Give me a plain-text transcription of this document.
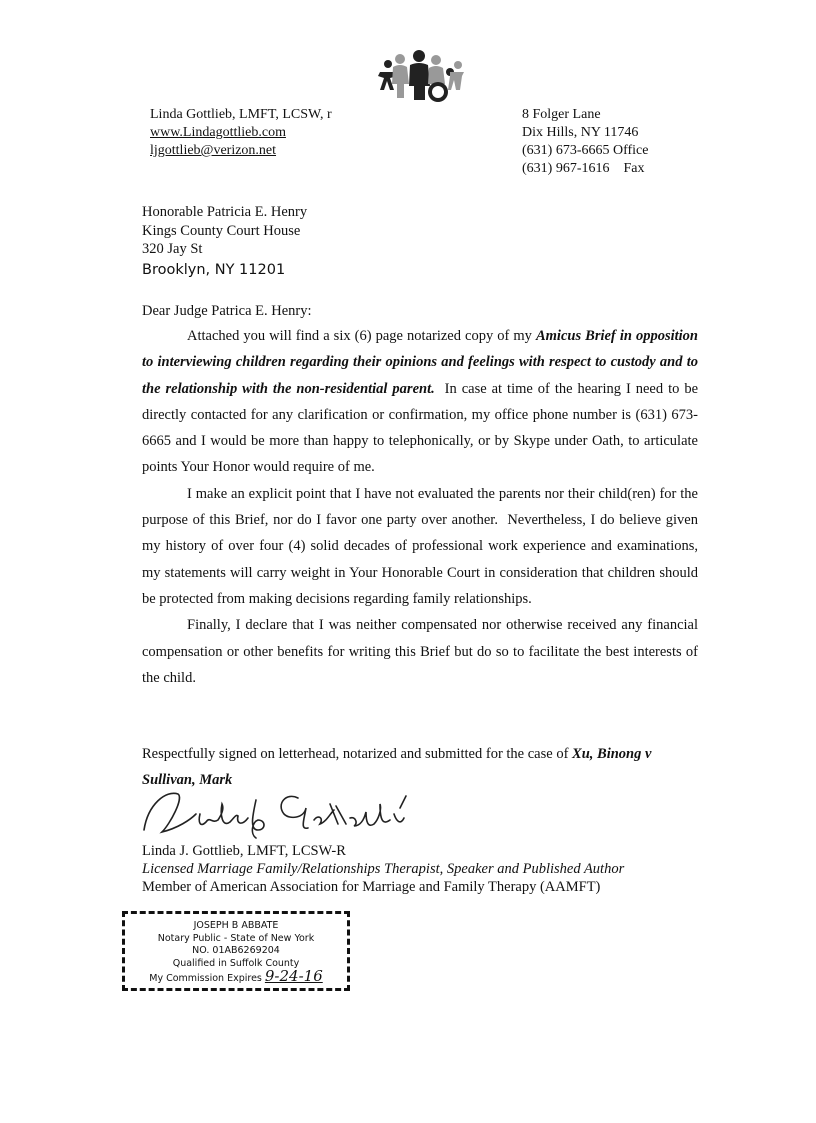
Linda Gottlieb, LMFT, LCSW, r
www.Lindagottlieb.com
ljgottlieb@verizon.net
8 Folger Lane
Dix Hills, NY 11746
(631) 673-6665 Office
(631) 967-1616    Fax
Honorable Patricia E. Henry
Kings County Court House
320 Jay St
Brooklyn, NY 11201
Dear Judge Patrica E. Henry:

Attached you will find a six (6) page notarized copy of my Amicus Brief in opposition to interviewing children regarding their opinions and feelings with respect to custody and to the relationship with the non-residential parent.  In case at time of the hearing I need to be directly contacted for any clarification or confirmation, my office phone number is (631) 673-6665 and I would be more than happy to telephonically, or by Skype under Oath, to articulate points Your Honor would require of me.

I make an explicit point that I have not evaluated the parents nor their child(ren) for the purpose of this Brief, nor do I favor one party over another.  Nevertheless, I do believe given my history of over four (4) solid decades of professional work experience and examinations, my statements will carry weight in Your Honorable Court in consideration that children should be protected from making decisions regarding family relationships.

Finally, I declare that I was neither compensated nor otherwise received any financial compensation or other benefits for writing this Brief but do so to facilitate the best interests of the child.

Respectfully signed on letterhead, notarized and submitted for the case of Xu, Binong v Sullivan, Mark
Linda J. Gottlieb, LMFT, LCSW-R
Licensed Marriage Family/Relationships Therapist, Speaker and Published Author
Member of American Association for Marriage and Family Therapy (AAMFT)
JOSEPH B ABBATE
Notary Public - State of New York
NO. 01AB6269204
Qualified in Suffolk County
My Commission Expires 9-24-16
